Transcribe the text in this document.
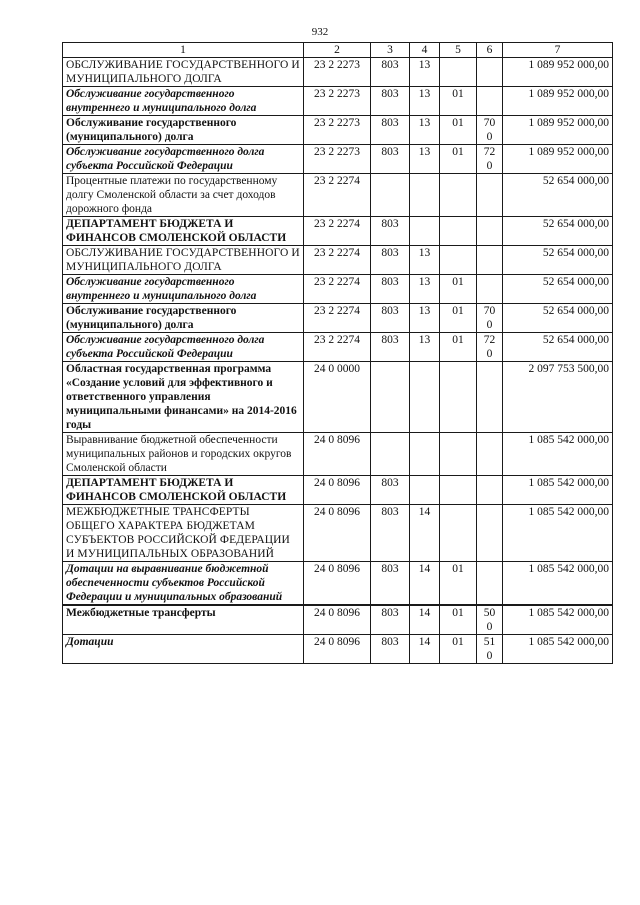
932
1	2	3	4	5	6	7
ОБСЛУЖИВАНИЕ ГОСУДАРСТВЕННОГО И МУНИЦИПАЛЬНОГО ДОЛГА	23 2 2273	803	13			1 089 952 000,00
Обслуживание государственного внутреннего и муниципального долга	23 2 2273	803	13	01		1 089 952 000,00
Обслуживание государственного (муниципального) долга	23 2 2273	803	13	01	70 0	1 089 952 000,00
Обслуживание государственного долга субъекта Российской Федерации	23 2 2273	803	13	01	72 0	1 089 952 000,00
Процентные платежи по государственному долгу Смоленской области за счет доходов дорожного фонда	23 2 2274					52 654 000,00
ДЕПАРТАМЕНТ БЮДЖЕТА И ФИНАНСОВ СМОЛЕНСКОЙ ОБЛАСТИ	23 2 2274	803				52 654 000,00
ОБСЛУЖИВАНИЕ ГОСУДАРСТВЕННОГО И МУНИЦИПАЛЬНОГО ДОЛГА	23 2 2274	803	13			52 654 000,00
Обслуживание государственного внутреннего и муниципального долга	23 2 2274	803	13	01		52 654 000,00
Обслуживание государственного (муниципального) долга	23 2 2274	803	13	01	70 0	52 654 000,00
Обслуживание государственного долга субъекта Российской Федерации	23 2 2274	803	13	01	72 0	52 654 000,00
Областная государственная программа «Создание условий для эффективного и ответственного управления муниципальными финансами» на 2014-2016 годы	24 0 0000					2 097 753 500,00
Выравнивание бюджетной обеспеченности муниципальных районов и городских округов Смоленской области	24 0 8096					1 085 542 000,00
ДЕПАРТАМЕНТ БЮДЖЕТА И ФИНАНСОВ СМОЛЕНСКОЙ ОБЛАСТИ	24 0 8096	803				1 085 542 000,00
МЕЖБЮДЖЕТНЫЕ ТРАНСФЕРТЫ ОБЩЕГО ХАРАКТЕРА БЮДЖЕТАМ СУБЪЕКТОВ РОССИЙСКОЙ ФЕДЕРАЦИИ И МУНИЦИПАЛЬНЫХ ОБРАЗОВАНИЙ	24 0 8096	803	14			1 085 542 000,00
Дотации на выравнивание бюджетной обеспеченности субъектов Российской Федерации и муниципальных образований	24 0 8096	803	14	01		1 085 542 000,00
Межбюджетные трансферты	24 0 8096	803	14	01	50 0	1 085 542 000,00
Дотации	24 0 8096	803	14	01	51 0	1 085 542 000,00
